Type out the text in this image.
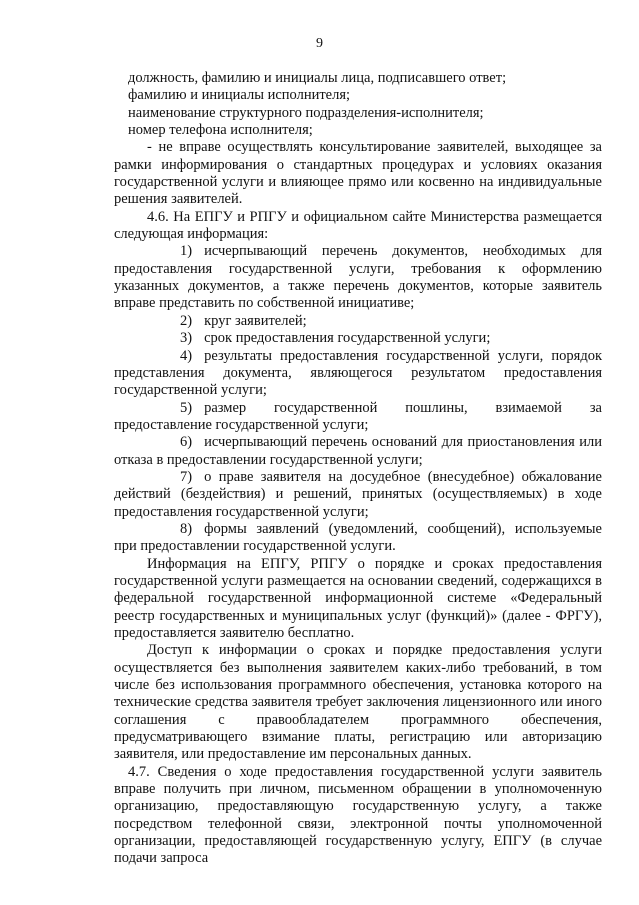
9

должность, фамилию и инициалы лица, подписавшего ответ;

фамилию и инициалы исполнителя;

наименование структурного подразделения-исполнителя;

номер телефона исполнителя;

- не вправе осуществлять консультирование заявителей, выходящее за рамки информирования о стандартных процедурах и условиях оказания государственной услуги и влияющее прямо или косвенно на индивидуальные решения заявителей.

4.6. На ЕПГУ и РПГУ и официальном сайте Министерства размещается следующая информация:

1) исчерпывающий перечень документов, необходимых для предоставления государственной услуги, требования к оформлению указанных документов, а также перечень документов, которые заявитель вправе представить по собственной инициативе;

2) круг заявителей;

3) срок предоставления государственной услуги;

4) результаты предоставления государственной услуги, порядок представления документа, являющегося результатом предоставления государственной услуги;

5) размер государственной пошлины, взимаемой за предоставление государственной услуги;

6) исчерпывающий перечень оснований для приостановления или отказа в предоставлении государственной услуги;

7) о праве заявителя на досудебное (внесудебное) обжалование действий (бездействия) и решений, принятых (осуществляемых) в ходе предоставления государственной услуги;

8) формы заявлений (уведомлений, сообщений), используемые при предоставлении государственной услуги.

Информация на ЕПГУ, РПГУ о порядке и сроках предоставления государственной услуги размещается на основании сведений, содержащихся в федеральной государственной информационной системе «Федеральный реестр государственных и муниципальных услуг (функций)» (далее - ФРГУ), предоставляется заявителю бесплатно.

Доступ к информации о сроках и порядке предоставления услуги осуществляется без выполнения заявителем каких-либо требований, в том числе без использования программного обеспечения, установка которого на технические средства заявителя требует заключения лицензионного или иного соглашения с правообладателем программного обеспечения, предусматривающего взимание платы, регистрацию или авторизацию заявителя, или предоставление им персональных данных.

4.7. Сведения о ходе предоставления государственной услуги заявитель вправе получить при личном, письменном обращении в уполномоченную организацию, предоставляющую государственную услугу, а также посредством телефонной связи, электронной почты уполномоченной организации, предоставляющей государственную услугу, ЕПГУ (в случае подачи запроса
